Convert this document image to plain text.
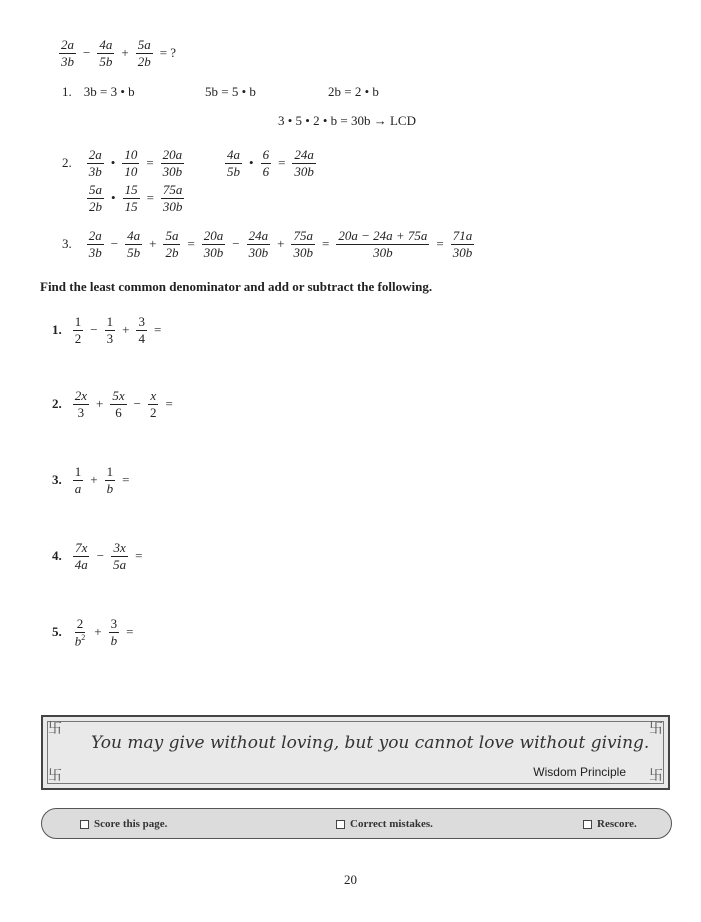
2a
3b
− $\frac{4a}{5b} + \frac{5a}{2b}$ = ?
1. 3b = 3 • b	5b = 5 • b	2b = 2 • b
3 • 5 • 2 • b = 30b → LCD
2.
2a
3b
• $\frac{10}{10} = \frac{20a}{30b}$	4a
5b
• $\frac{6}{6} = \frac{24a}{30b}$
5a
2b
• $\frac{15}{15} = \frac{75a}{30b}$
3.
2a
3b
− $\frac{4a}{5b} + \frac{5a}{2b} = \frac{20a}{30b} - \frac{24a}{30b} + \frac{75a}{30b} = \frac{20a - 24a + 75a}{30b} = \frac{71a}{30b}$
Find the least common denominator and add or subtract the following.
1.
1
2
− $\frac{1}{3} + \frac{3}{4}$ =
2.
2x
3
+ $\frac{5x}{6} - \frac{x}{2}$ =
3.
1
a
+ $\frac{1}{b}$ =
4.
7x
4a
− $\frac{3x}{5a}$ =
5.
2
$b^2 + \frac{3}{b}$ =
卐	卐
卐	卐
You may give without loving, but you cannot love without giving.
Wisdom Principle
Score this page.	Correct mistakes.	Rescore.
20
